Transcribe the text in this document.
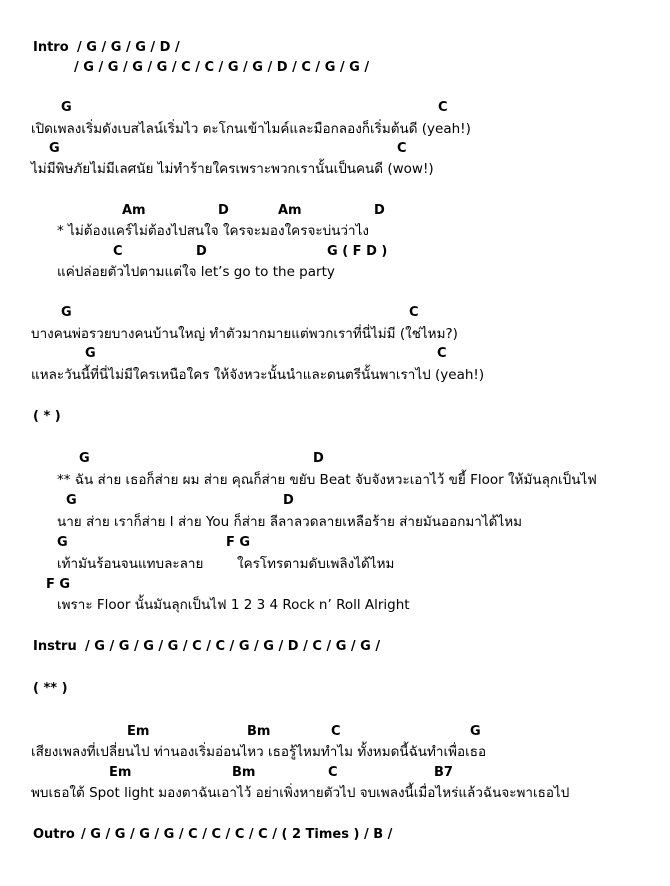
Intro / G / G / G / D /
/ G / G / G / G / C / C / G / G / D / C / G / G /
G	C
เปิดเพลงเริ่มดังเบสไลน์เริ่มไว ตะโกนเข้าไมค์และมือกลองก็เริ่มต้นดี (yeah!)
G	C
ไม่มีพิษภัยไม่มีเลศนัย ไม่ทำร้ายใครเพราะพวกเรานั้นเป็นคนดี (wow!)
Am	D	Am	D
* ไม่ต้องแคร์ไม่ต้องไปสนใจ ใครจะมองใครจะบ่นว่าไง
C	D	G ( F D )
แค่ปล่อยตัวไปตามแต่ใจ let’s go to the party
G	C
บางคนพ่อรวยบางคนบ้านใหญ่ ทำตัวมากมายแต่พวกเราที่นี่ไม่มี (ใช่ไหม?)
G	C
แหละวันนี้ที่นี่ไม่มีใครเหนือใคร ให้จังหวะนั้นนำและดนตรีนั้นพาเราไป (yeah!)
( * )
G	D
** ฉัน ส่าย เธอก็ส่าย ผม ส่าย คุณก็ส่าย ขยับ Beat จับจังหวะเอาไว้ ขยี้ Floor ให้มันลุกเป็นไฟ
G	D
นาย ส่าย เราก็ส่าย I ส่าย You ก็ส่าย ลีลาลวดลายเหลือร้าย ส่ายมันออกมาได้ไหม
G	F G
เท้ามันร้อนจนแทบละลาย ใครโทรตามดับเพลิงได้ไหม
F G
เพราะ Floor นั้นมันลุกเป็นไฟ 1 2 3 4 Rock n’ Roll Alright
Instru / G / G / G / G / C / C / G / G / D / C / G / G /
( ** )
Em	Bm	C	G
เสียงเพลงที่เปลี่ยนไป ท่านองเริ่มอ่อนไหว เธอรู้ไหมทำไม ทั้งหมดนี้ฉันทำเพื่อเธอ
Em	Bm	C	B7
พบเธอใต้ Spot light มองตาฉันเอาไว้ อย่าเพิ่งหายตัวไป จบเพลงนี้เมื่อไหร่แล้วฉันจะพาเธอไป
Outro / G / G / G / G / C / C / C / C / ( 2 Times ) / B /
